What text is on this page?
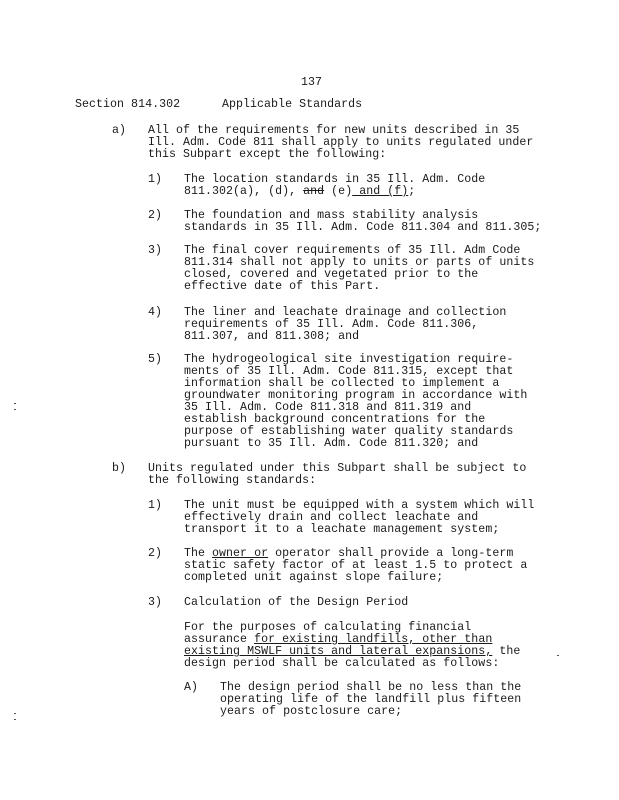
137
Section 814.302	Applicable Standards
a) All of the requirements for new units described in 35
Ill. Adm. Code 811 shall apply to units regulated under
this Subpart except the following:
1) The location standards in 35 Ill. Adm. Code
811.302(a), (d), and (e) and (f);
2) The foundation and mass stability analysis
standards in 35 Ill. Adm. Code 811.304 and 811.305;
3) The final cover requirements of 35 Ill. Adm Code
811.314 shall not apply to units or parts of units
closed, covered and vegetated prior to the
effective date of this Part.
4) The liner and leachate drainage and collection
requirements of 35 Ill. Adm. Code 811.306,
811.307, and 811.308; and
5) The hydrogeological site investigation require-
ments of 35 Ill. Adm. Code 811.315, except that
information shall be collected to implement a
groundwater monitoring program in accordance with
35 Ill. Adm. Code 811.318 and 811.319 and
establish background concentrations for the
purpose of establishing water quality standards
pursuant to 35 Ill. Adm. Code 811.320; and
b) Units regulated under this Subpart shall be subject to
the following standards:
1) The unit must be equipped with a system which will
effectively drain and collect leachate and
transport it to a leachate management system;
2) The owner or operator shall provide a long-term
static safety factor of at least 1.5 to protect a
completed unit against slope failure;
3) Calculation of the Design Period
For the purposes of calculating financial
assurance for existing landfills, other than
existing MSWLF units and lateral expansions, the
design period shall be calculated as follows:
A) The design period shall be no less than the
operating life of the landfill plus fifteen
years of postclosure care;
